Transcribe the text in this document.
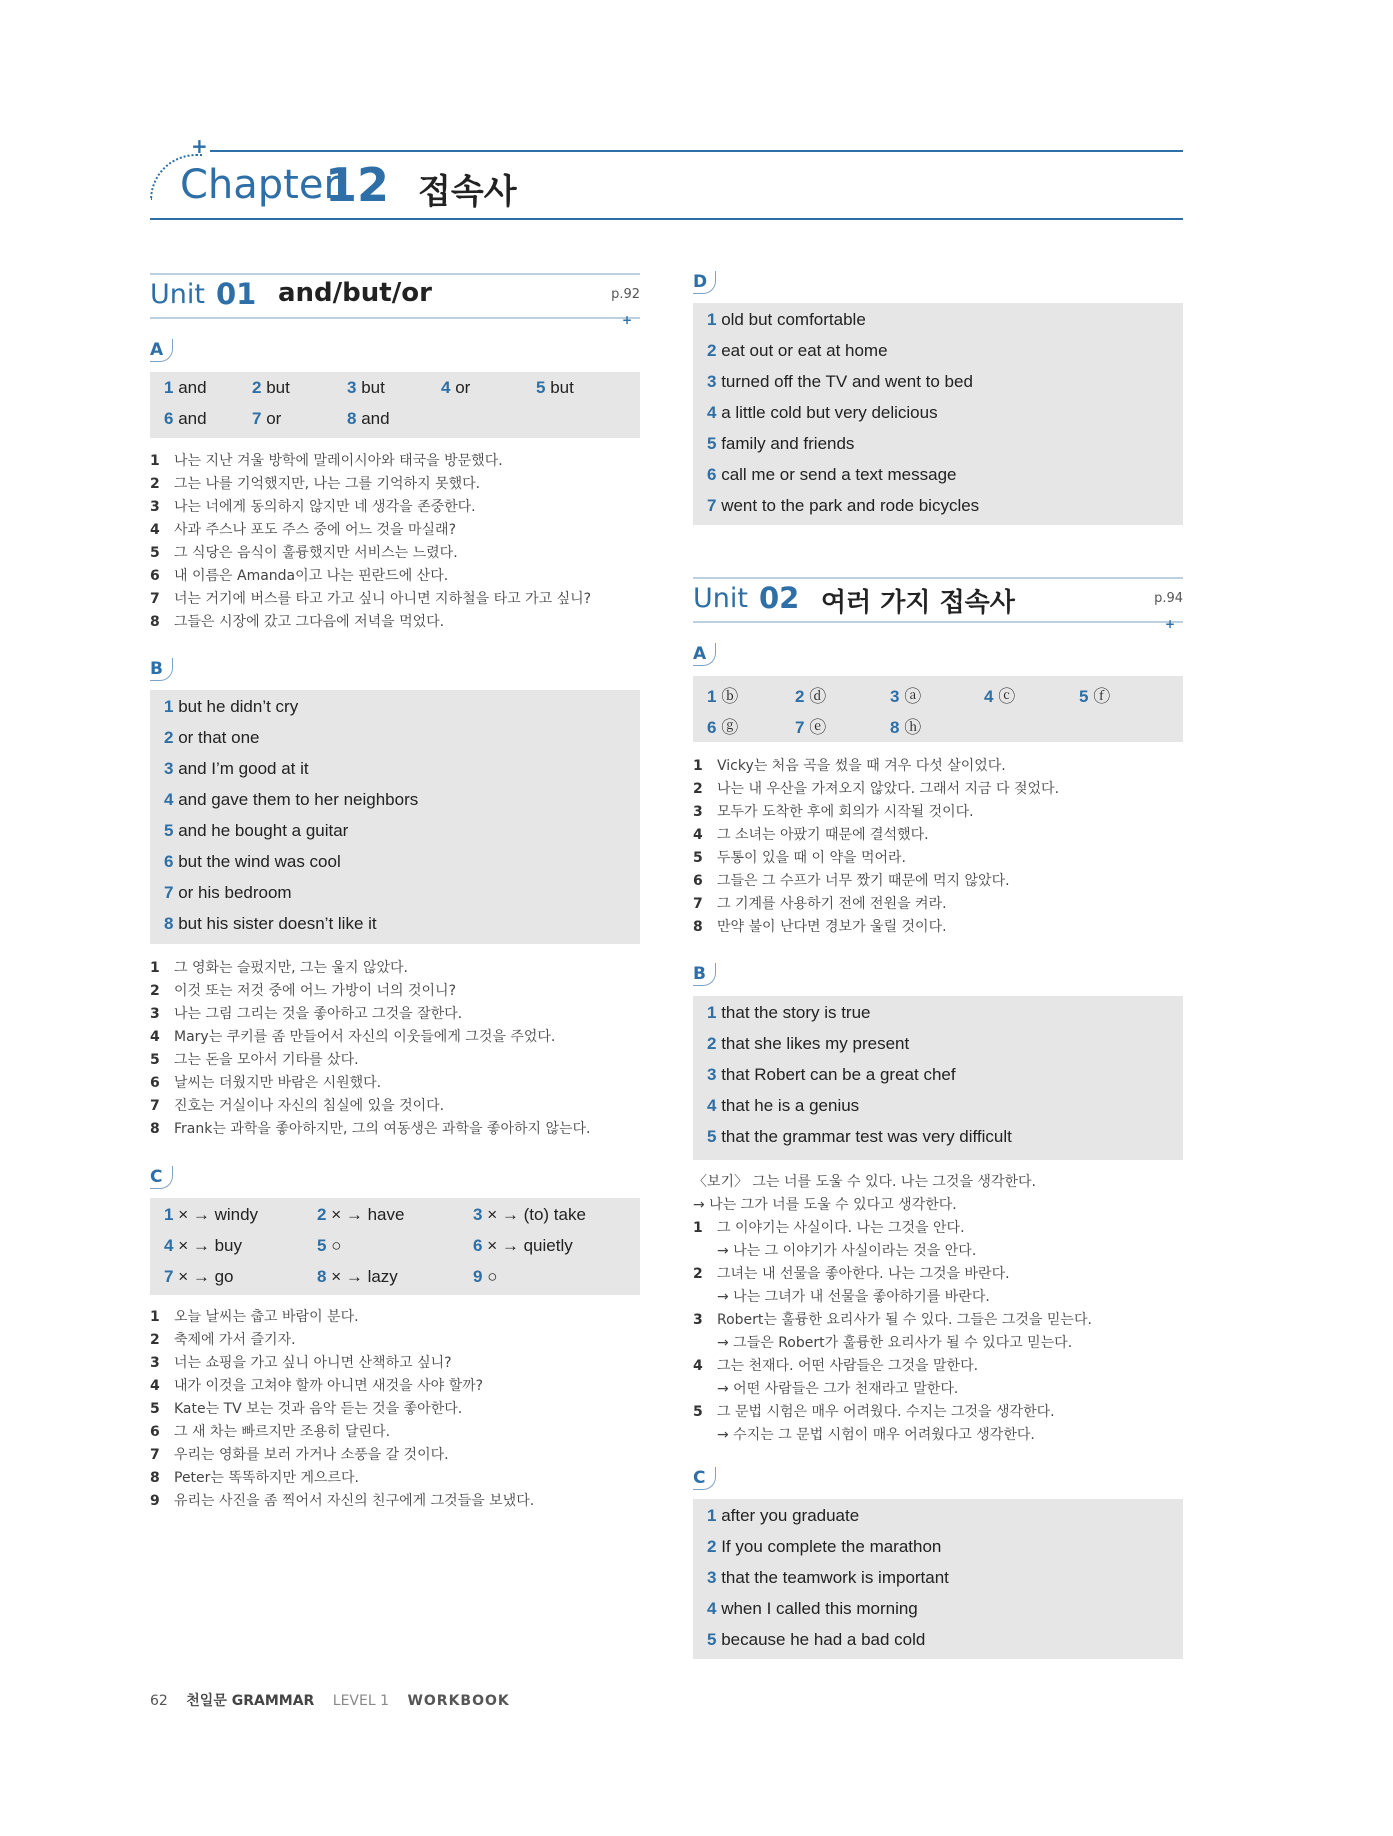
+
Chapter
12 접속사
Unit 01 and/but/or	p.92
+
A
1 and	2 but	3 but	4 or	5 but
6 and	7 or	8 and
1 나는 지난 겨울 방학에 말레이시아와 태국을 방문했다.
2 그는 나를 기억했지만, 나는 그를 기억하지 못했다.
3 나는 너에게 동의하지 않지만 네 생각을 존중한다.
4 사과 주스나 포도 주스 중에 어느 것을 마실래?
5 그 식당은 음식이 훌륭했지만 서비스는 느렸다.
6 내 이름은 Amanda이고 나는 핀란드에 산다.
7 너는 거기에 버스를 타고 가고 싶니 아니면 지하철을 타고 가고 싶니?
8 그들은 시장에 갔고 그다음에 저녁을 먹었다.
B
1 but he didn’t cry
2 or that one
3 and I’m good at it
4 and gave them to her neighbors
5 and he bought a guitar
6 but the wind was cool
7 or his bedroom
8 but his sister doesn’t like it
1 그 영화는 슬펐지만, 그는 울지 않았다.
2 이것 또는 저것 중에 어느 가방이 너의 것이니?
3 나는 그림 그리는 것을 좋아하고 그것을 잘한다.
4 Mary는 쿠키를 좀 만들어서 자신의 이웃들에게 그것을 주었다.
5 그는 돈을 모아서 기타를 샀다.
6 날씨는 더웠지만 바람은 시원했다.
7 진호는 거실이나 자신의 침실에 있을 것이다.
8 Frank는 과학을 좋아하지만, 그의 여동생은 과학을 좋아하지 않는다.
C
1 × → windy	2 × → have	3 × → (to) take
4 × → buy	5 ○	6 × → quietly
7 × → go	8 × → lazy	9 ○
1 오늘 날씨는 춥고 바람이 분다.
2 축제에 가서 즐기자.
3 너는 쇼핑을 가고 싶니 아니면 산책하고 싶니?
4 내가 이것을 고쳐야 할까 아니면 새것을 사야 할까?
5 Kate는 TV 보는 것과 음악 듣는 것을 좋아한다.
6 그 새 차는 빠르지만 조용히 달린다.
7 우리는 영화를 보러 가거나 소풍을 갈 것이다.
8 Peter는 똑똑하지만 게으르다.
9 유리는 사진을 좀 찍어서 자신의 친구에게 그것들을 보냈다.
D
1 old but comfortable
2 eat out or eat at home
3 turned off the TV and went to bed
4 a little cold but very delicious
5 family and friends
6 call me or send a text message
7 went to the park and rode bicycles
Unit 02 여러 가지 접속사	p.94
+
A
1 ⓑ	2 ⓓ	3 ⓐ	4 ⓒ	5 ⓕ
6 ⓖ	7 ⓔ	8 ⓗ
1 Vicky는 처음 곡을 썼을 때 겨우 다섯 살이었다.
2 나는 내 우산을 가져오지 않았다. 그래서 지금 다 젖었다.
3 모두가 도착한 후에 회의가 시작될 것이다.
4 그 소녀는 아팠기 때문에 결석했다.
5 두통이 있을 때 이 약을 먹어라.
6 그들은 그 수프가 너무 짰기 때문에 먹지 않았다.
7 그 기계를 사용하기 전에 전원을 켜라.
8 만약 불이 난다면 경보가 울릴 것이다.
B
1 that the story is true
2 that she likes my present
3 that Robert can be a great chef
4 that he is a genius
5 that the grammar test was very difficult
〈보기〉 그는 너를 도울 수 있다. 나는 그것을 생각한다.
→ 나는 그가 너를 도울 수 있다고 생각한다.
1 그 이야기는 사실이다. 나는 그것을 안다.
→ 나는 그 이야기가 사실이라는 것을 안다.
2 그녀는 내 선물을 좋아한다. 나는 그것을 바란다.
→ 나는 그녀가 내 선물을 좋아하기를 바란다.
3 Robert는 훌륭한 요리사가 될 수 있다. 그들은 그것을 믿는다.
→ 그들은 Robert가 훌륭한 요리사가 될 수 있다고 믿는다.
4 그는 천재다. 어떤 사람들은 그것을 말한다.
→ 어떤 사람들은 그가 천재라고 말한다.
5 그 문법 시험은 매우 어려웠다. 수지는 그것을 생각한다.
→ 수지는 그 문법 시험이 매우 어려웠다고 생각한다.
C
1 after you graduate
2 If you complete the marathon
3 that the teamwork is important
4 when I called this morning
5 because he had a bad cold
62 천일문 GRAMMAR LEVEL 1 WORKBOOK
